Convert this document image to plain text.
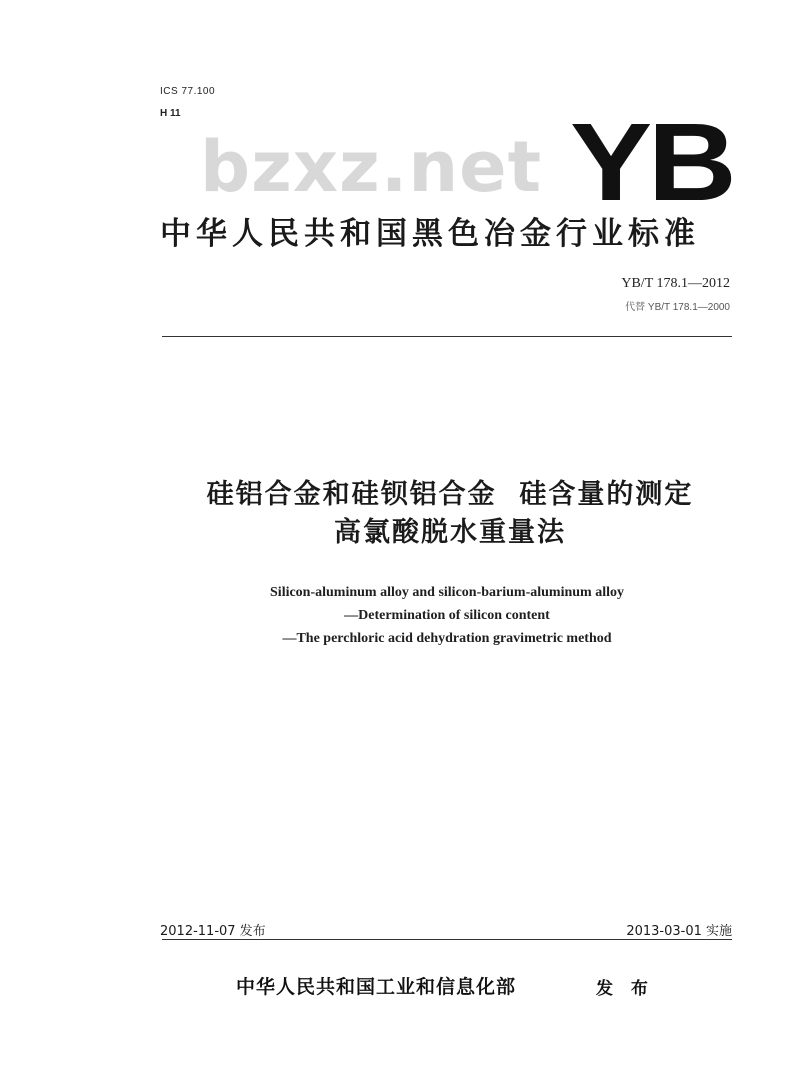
ICS 77.100
H 11
bzxz.net YB
中华人民共和国黑色冶金行业标准
YB/T 178.1—2012
代替 YB/T 178.1—2000
硅铝合金和硅钡铝合金  硅含量的测定
高氯酸脱水重量法
Silicon-aluminum alloy and silicon-barium-aluminum alloy
—Determination of silicon content
—The perchloric acid dehydration gravimetric method
2012-11-07 发布	2013-03-01 实施
中华人民共和国工业和信息化部	发 布
